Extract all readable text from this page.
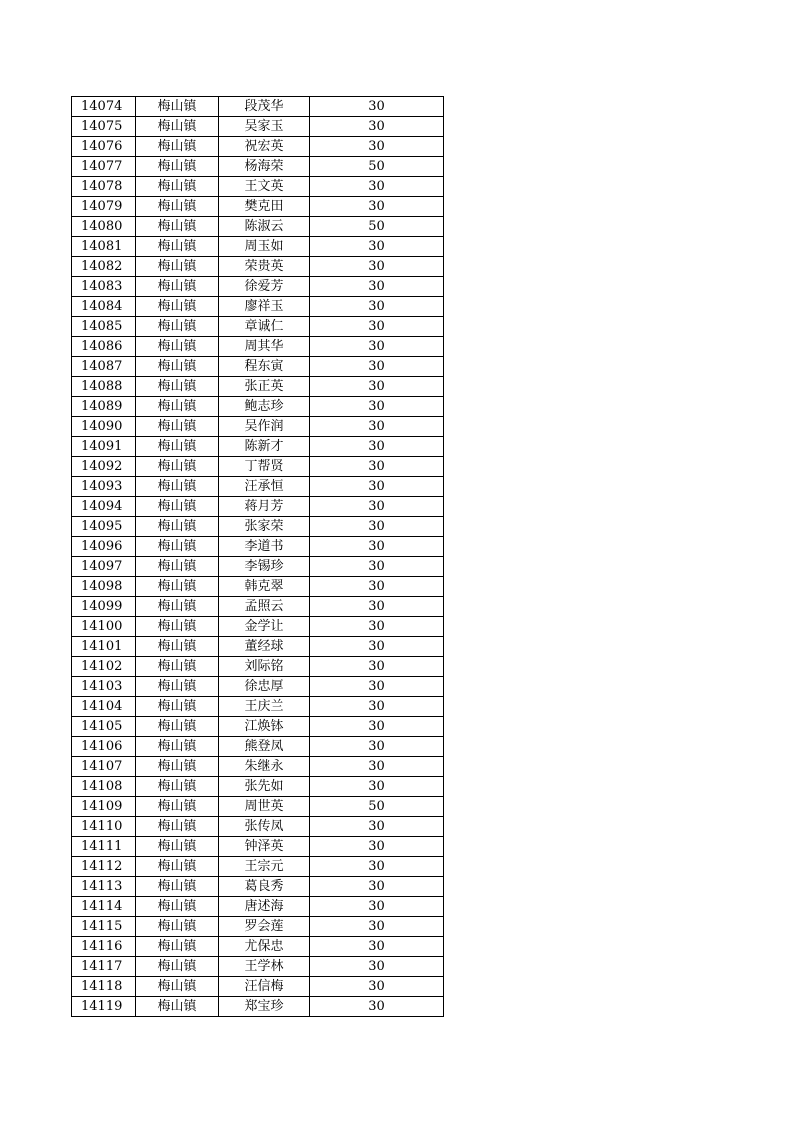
14074	梅山镇	段茂华	30
14075	梅山镇	吴家玉	30
14076	梅山镇	祝宏英	30
14077	梅山镇	杨海荣	50
14078	梅山镇	王文英	30
14079	梅山镇	樊克田	30
14080	梅山镇	陈淑云	50
14081	梅山镇	周玉如	30
14082	梅山镇	荣贵英	30
14083	梅山镇	徐爱芳	30
14084	梅山镇	廖祥玉	30
14085	梅山镇	章诚仁	30
14086	梅山镇	周其华	30
14087	梅山镇	程东寅	30
14088	梅山镇	张正英	30
14089	梅山镇	鲍志珍	30
14090	梅山镇	吴作润	30
14091	梅山镇	陈新才	30
14092	梅山镇	丁帮贤	30
14093	梅山镇	汪承恒	30
14094	梅山镇	蒋月芳	30
14095	梅山镇	张家荣	30
14096	梅山镇	李道书	30
14097	梅山镇	李锡珍	30
14098	梅山镇	韩克翠	30
14099	梅山镇	孟照云	30
14100	梅山镇	金学让	30
14101	梅山镇	董经球	30
14102	梅山镇	刘际铭	30
14103	梅山镇	徐忠厚	30
14104	梅山镇	王庆兰	30
14105	梅山镇	江焕钵	30
14106	梅山镇	熊登凤	30
14107	梅山镇	朱继永	30
14108	梅山镇	张先如	30
14109	梅山镇	周世英	50
14110	梅山镇	张传凤	30
14111	梅山镇	钟泽英	30
14112	梅山镇	王宗元	30
14113	梅山镇	葛良秀	30
14114	梅山镇	唐述海	30
14115	梅山镇	罗会莲	30
14116	梅山镇	尤保忠	30
14117	梅山镇	王学林	30
14118	梅山镇	汪信梅	30
14119	梅山镇	郑宝珍	30
